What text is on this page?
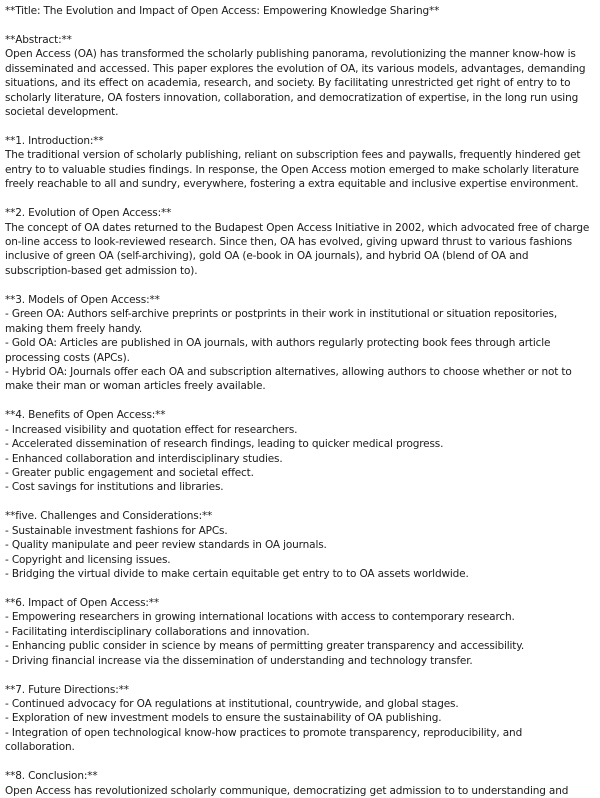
**Title: The Evolution and Impact of Open Access: Empowering Knowledge Sharing**

**Abstract:**

Open Access (OA) has transformed the scholarly publishing panorama, revolutionizing the manner know-how is disseminated and accessed. This paper explores the evolution of OA, its various models, advantages, demanding situations, and its effect on academia, research, and society. By facilitating unrestricted get right of entry to to scholarly literature, OA fosters innovation, collaboration, and democratization of expertise, in the long run using societal development.

**1. Introduction:**

The traditional version of scholarly publishing, reliant on subscription fees and paywalls, frequently hindered get entry to to valuable studies findings. In response, the Open Access motion emerged to make scholarly literature freely reachable to all and sundry, everywhere, fostering a extra equitable and inclusive expertise environment.

**2. Evolution of Open Access:**

The concept of OA dates returned to the Budapest Open Access Initiative in 2002, which advocated free of charge on-line access to look-reviewed research. Since then, OA has evolved, giving upward thrust to various fashions inclusive of green OA (self-archiving), gold OA (e-book in OA journals), and hybrid OA (blend of OA and subscription-based get admission to).

**3. Models of Open Access:**

- Green OA: Authors self-archive preprints or postprints in their work in institutional or situation repositories, making them freely handy.

- Gold OA: Articles are published in OA journals, with authors regularly protecting book fees through article processing costs (APCs).

- Hybrid OA: Journals offer each OA and subscription alternatives, allowing authors to choose whether or not to make their man or woman articles freely available.

**4. Benefits of Open Access:**

- Increased visibility and quotation effect for researchers.

- Accelerated dissemination of research findings, leading to quicker medical progress.

- Enhanced collaboration and interdisciplinary studies.

- Greater public engagement and societal effect.

- Cost savings for institutions and libraries.

**five. Challenges and Considerations:**

- Sustainable investment fashions for APCs.

- Quality manipulate and peer review standards in OA journals.

- Copyright and licensing issues.

- Bridging the virtual divide to make certain equitable get entry to to OA assets worldwide.

**6. Impact of Open Access:**

- Empowering researchers in growing international locations with access to contemporary research.

- Facilitating interdisciplinary collaborations and innovation.

- Enhancing public consider in science by means of permitting greater transparency and accessibility.

- Driving financial increase via the dissemination of understanding and technology transfer.

**7. Future Directions:**

- Continued advocacy for OA regulations at institutional, countrywide, and global stages.

- Exploration of new investment models to ensure the sustainability of OA publishing.

- Integration of open technological know-how practices to promote transparency, reproducibility, and collaboration.

**8. Conclusion:**

Open Access has revolutionized scholarly communique, democratizing get admission to to understanding and
